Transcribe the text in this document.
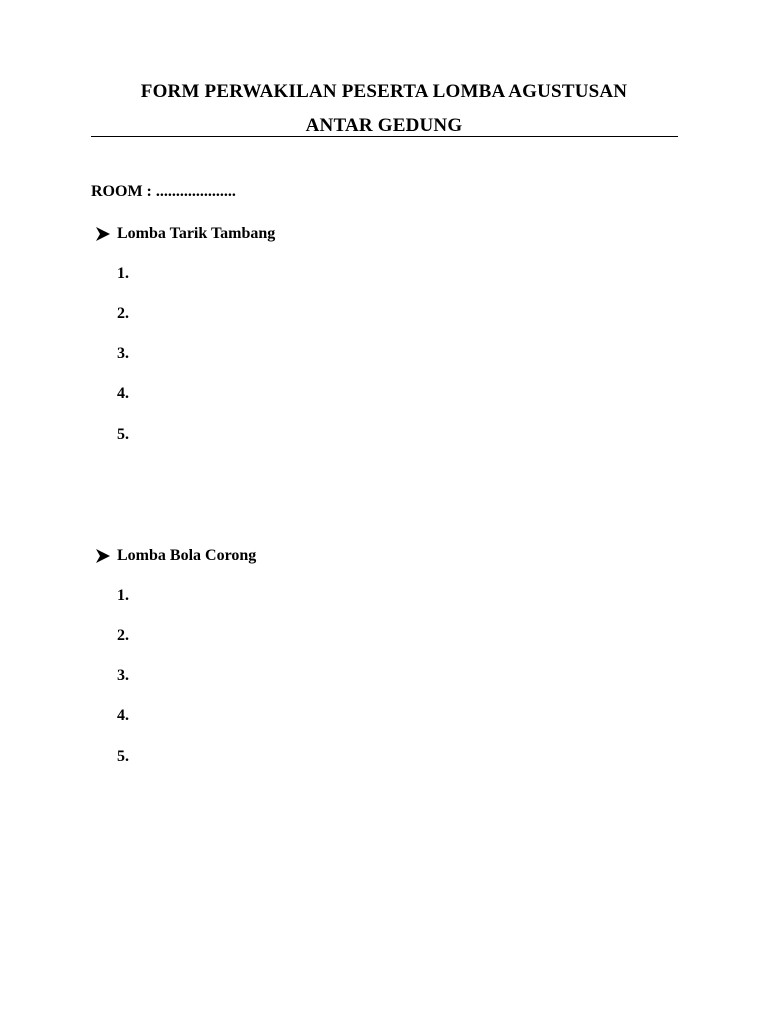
FORM PERWAKILAN PESERTA LOMBA AGUSTUSAN
ANTAR GEDUNG
ROOM : ....................
Lomba Tarik Tambang
1.
2.
3.
4.
5.
Lomba Bola Corong
1.
2.
3.
4.
5.
